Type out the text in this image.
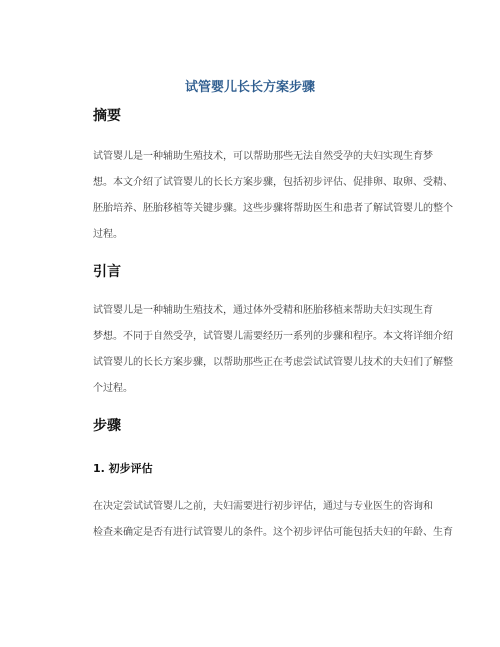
试管婴儿长长方案步骤
摘要
试管婴儿是一种辅助生殖技术，可以帮助那些无法自然受孕的夫妇实现生育梦
想。本文介绍了试管婴儿的长长方案步骤，包括初步评估、促排卵、取卵、受精、
胚胎培养、胚胎移植等关键步骤。这些步骤将帮助医生和患者了解试管婴儿的整个
过程。
引言
试管婴儿是一种辅助生殖技术，通过体外受精和胚胎移植来帮助夫妇实现生育
梦想。不同于自然受孕，试管婴儿需要经历一系列的步骤和程序。本文将详细介绍
试管婴儿的长长方案步骤，以帮助那些正在考虑尝试试管婴儿技术的夫妇们了解整
个过程。
步骤
1. 初步评估
在决定尝试试管婴儿之前，夫妇需要进行初步评估，通过与专业医生的咨询和
检查来确定是否有进行试管婴儿的条件。这个初步评估可能包括夫妇的年龄、生育
